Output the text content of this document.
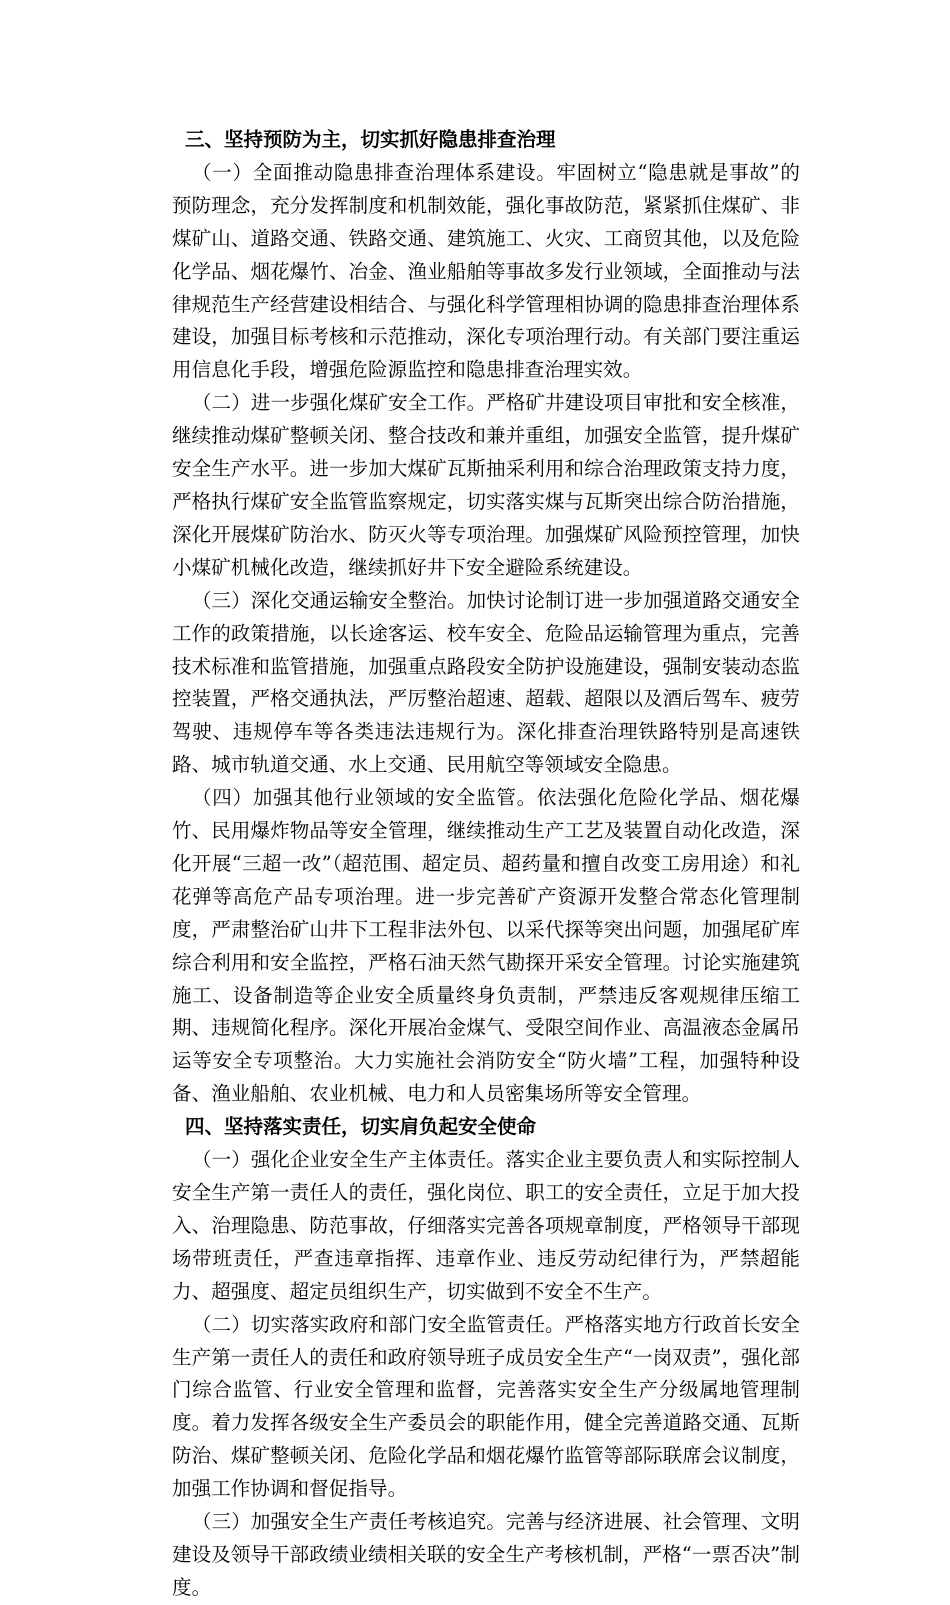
三、坚持预防为主，切实抓好隐患排查治理

（一）全面推动隐患排查治理体系建设。牢固树立“隐患就是事故”的预防理念，充分发挥制度和机制效能，强化事故防范，紧紧抓住煤矿、非煤矿山、道路交通、铁路交通、建筑施工、火灾、工商贸其他，以及危险化学品、烟花爆竹、冶金、渔业船舶等事故多发行业领域，全面推动与法律规范生产经营建设相结合、与强化科学管理相协调的隐患排查治理体系建设，加强目标考核和示范推动，深化专项治理行动。有关部门要注重运用信息化手段，增强危险源监控和隐患排查治理实效。

（二）进一步强化煤矿安全工作。严格矿井建设项目审批和安全核准，继续推动煤矿整顿关闭、整合技改和兼并重组，加强安全监管，提升煤矿安全生产水平。进一步加大煤矿瓦斯抽采利用和综合治理政策支持力度，严格执行煤矿安全监管监察规定，切实落实煤与瓦斯突出综合防治措施，深化开展煤矿防治水、防灭火等专项治理。加强煤矿风险预控管理，加快小煤矿机械化改造，继续抓好井下安全避险系统建设。

（三）深化交通运输安全整治。加快讨论制订进一步加强道路交通安全工作的政策措施，以长途客运、校车安全、危险品运输管理为重点，完善技术标准和监管措施，加强重点路段安全防护设施建设，强制安装动态监控装置，严格交通执法，严厉整治超速、超载、超限以及酒后驾车、疲劳驾驶、违规停车等各类违法违规行为。深化排查治理铁路特别是高速铁路、城市轨道交通、水上交通、民用航空等领域安全隐患。

（四）加强其他行业领域的安全监管。依法强化危险化学品、烟花爆竹、民用爆炸物品等安全管理，继续推动生产工艺及装置自动化改造，深化开展“三超一改”（超范围、超定员、超药量和擅自改变工房用途）和礼花弹等高危产品专项治理。进一步完善矿产资源开发整合常态化管理制度，严肃整治矿山井下工程非法外包、以采代探等突出问题，加强尾矿库综合利用和安全监控，严格石油天然气勘探开采安全管理。讨论实施建筑施工、设备制造等企业安全质量终身负责制，严禁违反客观规律压缩工期、违规简化程序。深化开展冶金煤气、受限空间作业、高温液态金属吊运等安全专项整治。大力实施社会消防安全“防火墙”工程，加强特种设备、渔业船舶、农业机械、电力和人员密集场所等安全管理。

四、坚持落实责任，切实肩负起安全使命

（一）强化企业安全生产主体责任。落实企业主要负责人和实际控制人安全生产第一责任人的责任，强化岗位、职工的安全责任，立足于加大投入、治理隐患、防范事故，仔细落实完善各项规章制度，严格领导干部现场带班责任，严查违章指挥、违章作业、违反劳动纪律行为，严禁超能力、超强度、超定员组织生产，切实做到不安全不生产。

（二）切实落实政府和部门安全监管责任。严格落实地方行政首长安全生产第一责任人的责任和政府领导班子成员安全生产“一岗双责”，强化部门综合监管、行业安全管理和监督，完善落实安全生产分级属地管理制度。着力发挥各级安全生产委员会的职能作用，健全完善道路交通、瓦斯防治、煤矿整顿关闭、危险化学品和烟花爆竹监管等部际联席会议制度，加强工作协调和督促指导。

（三）加强安全生产责任考核追究。完善与经济进展、社会管理、文明建设及领导干部政绩业绩相关联的安全生产考核机制，严格“一票否决”制度。
